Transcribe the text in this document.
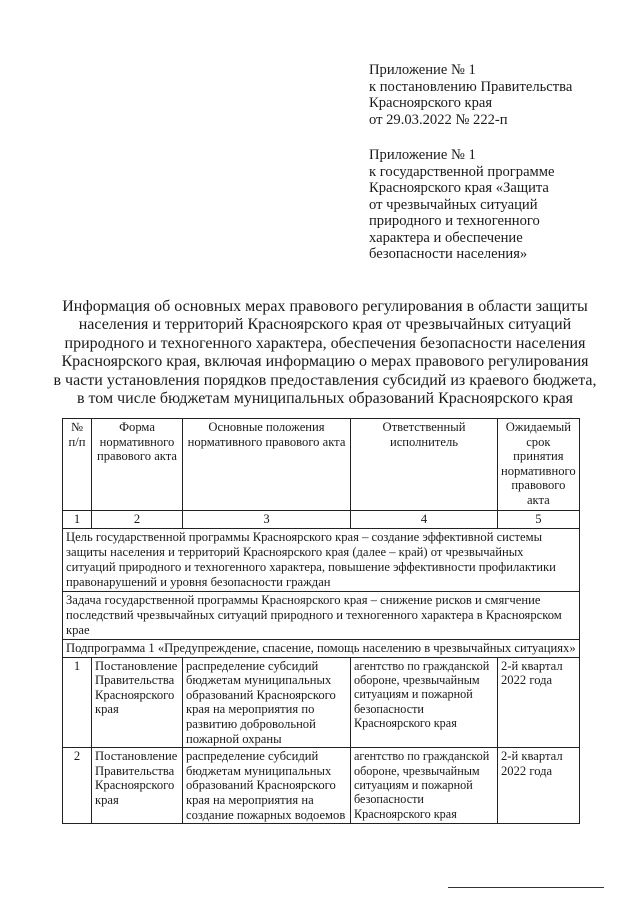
Приложение № 1
к постановлению Правительства
Красноярского края
от 29.03.2022 № 222-п
Приложение № 1
к государственной программе
Красноярского края «Защита
от чрезвычайных ситуаций
природного и техногенного
характера и обеспечение
безопасности населения»
Информация об основных мерах правового регулирования в области защиты
населения и территорий Красноярского края от чрезвычайных ситуаций
природного и техногенного характера, обеспечения безопасности населения
Красноярского края, включая информацию о мерах правового регулирования
в части установления порядков предоставления субсидий из краевого бюджета,
в том числе бюджетам муниципальных образований Красноярского края
№ п/п	Форма нормативного правового акта	Основные положения нормативного правового акта	Ответственный исполнитель	Ожидаемый срок принятия нормативного правового акта
1	2	3	4	5
Цель государственной программы Красноярского края – создание эффективной системы защиты населения и территорий Красноярского края (далее – край) от чрезвычайных ситуаций природного и техногенного характера, повышение эффективности профилактики правонарушений и уровня безопасности граждан				
Задача государственной программы Красноярского края – снижение рисков и смягчение последствий чрезвычайных ситуаций природного и техногенного характера в Красноярском крае				
Подпрограмма 1 «Предупреждение, спасение, помощь населению в чрезвычайных ситуациях»				
1	Постановление Правительства Красноярского края	распределение субсидий бюджетам муниципальных образований Красноярского края на мероприятия по развитию добровольной пожарной охраны	агентство по гражданской обороне, чрезвычайным ситуациям и пожарной безопасности Красноярского края	2-й квартал 2022 года
2	Постановление Правительства Красноярского края	распределение субсидий бюджетам муниципальных образований Красноярского края на мероприятия на создание пожарных водоемов	агентство по гражданской обороне, чрезвычайным ситуациям и пожарной безопасности Красноярского края	2-й квартал 2022 года
